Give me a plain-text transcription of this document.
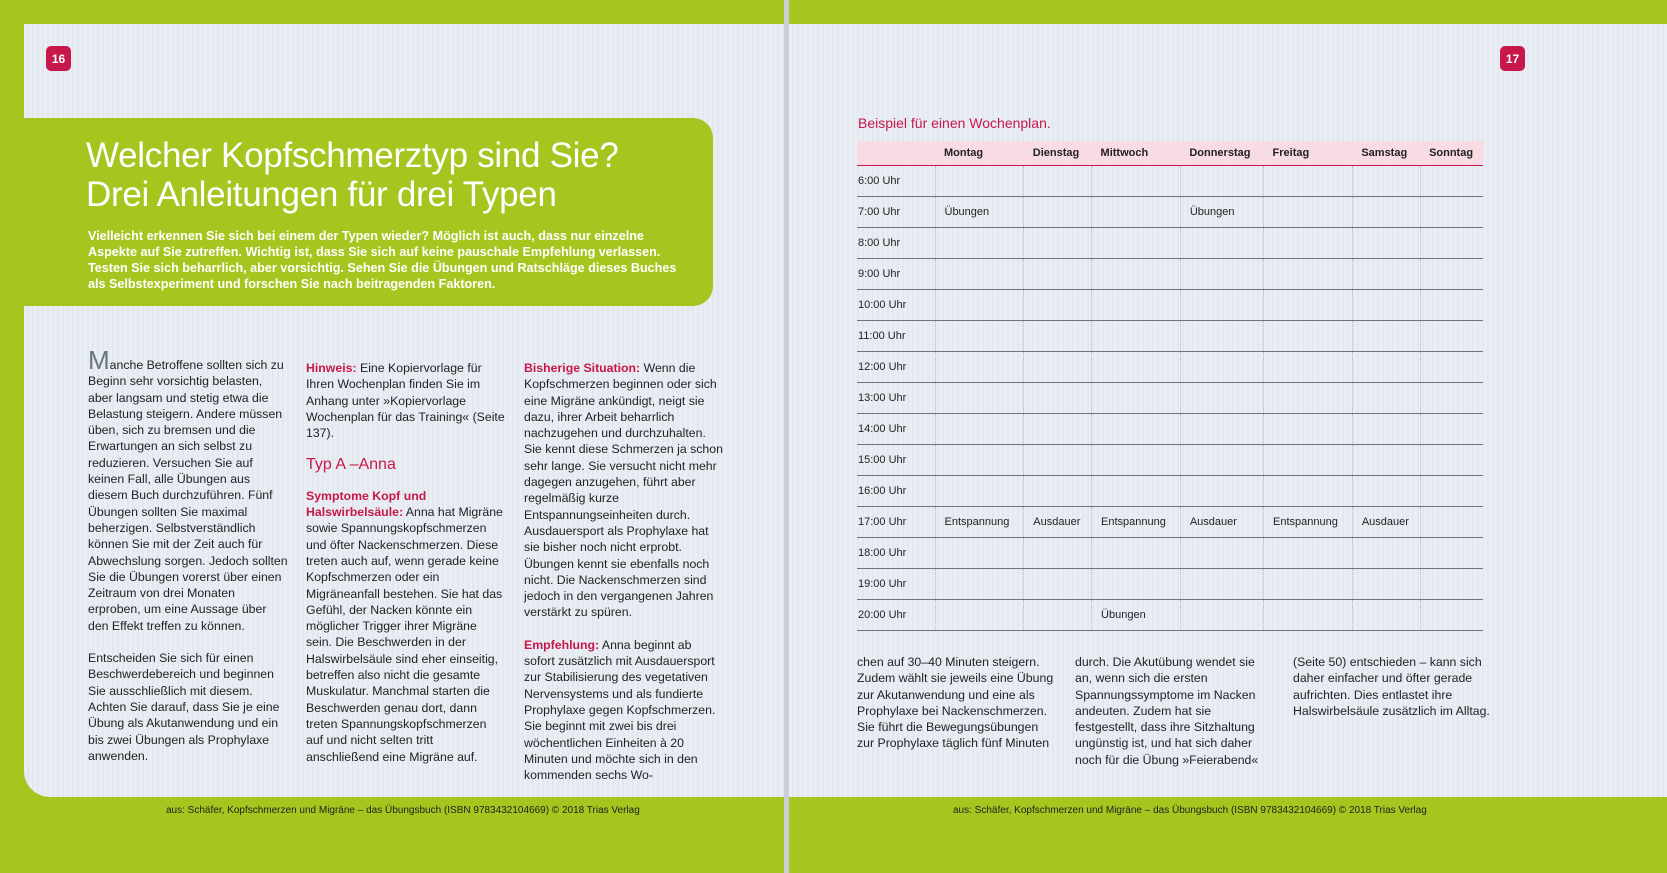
16	17
Welcher Kopfschmerztyp sind Sie?
Drei Anleitungen für drei Typen

Vielleicht erkennen Sie sich bei einem der Typen wieder? Möglich ist auch, dass nur einzelne Aspekte auf Sie zutreffen. Wichtig ist, dass Sie sich auf keine pauschale Empfehlung verlassen. Testen Sie sich beharrlich, aber vorsichtig. Sehen Sie die Übungen und Ratschläge dieses Buches als Selbstexperiment und forschen Sie nach beitragenden Faktoren.

Manche Betroffene sollten sich zu Beginn sehr vorsichtig belasten, aber langsam und stetig etwa die Belastung steigern. Andere müssen üben, sich zu bremsen und die Erwartungen an sich selbst zu reduzieren. Versuchen Sie auf keinen Fall, alle Übungen aus diesem Buch durchzuführen. Fünf Übungen sollten Sie maximal beherzigen. Selbstverständlich können Sie mit der Zeit auch für Abwechslung sorgen. Jedoch sollten Sie die Übungen vorerst über einen Zeitraum von drei Monaten erproben, um eine Aussage über den Effekt treffen zu können.

Entscheiden Sie sich für einen Beschwerdebereich und beginnen Sie ausschließlich mit diesem. Achten Sie darauf, dass Sie je eine Übung als Akutanwendung und ein bis zwei Übungen als Prophylaxe anwenden.

Hinweis: Eine Kopiervorlage für Ihren Wochenplan finden Sie im Anhang unter »Kopiervorlage Wochenplan für das Training« (Seite 137).

Typ A –Anna

Symptome Kopf und Halswirbelsäule: Anna hat Migräne sowie Spannungskopfschmerzen und öfter Nackenschmerzen. Diese treten auch auf, wenn gerade keine Kopfschmerzen oder ein Migräneanfall bestehen. Sie hat das Gefühl, der Nacken könnte ein möglicher Trigger ihrer Migräne sein. Die Beschwerden in der Halswirbelsäule sind eher einseitig, betreffen also nicht die gesamte Muskulatur. Manchmal starten die Beschwerden genau dort, dann treten Spannungskopfschmerzen auf und nicht selten tritt anschließend eine Migräne auf.

Bisherige Situation: Wenn die Kopfschmerzen beginnen oder sich eine Migräne ankündigt, neigt sie dazu, ihrer Arbeit beharrlich nachzugehen und durchzuhalten. Sie kennt diese Schmerzen ja schon sehr lange. Sie versucht nicht mehr dagegen anzugehen, führt aber regelmäßig kurze Entspannungseinheiten durch. Ausdauersport als Prophylaxe hat sie bisher noch nicht erprobt. Übungen kennt sie ebenfalls noch nicht. Die Nackenschmerzen sind jedoch in den vergangenen Jahren verstärkt zu spüren.

Empfehlung: Anna beginnt ab sofort zusätzlich mit Ausdauersport zur Stabilisierung des vegetativen Nervensystems und als fundierte Prophylaxe gegen Kopfschmerzen. Sie beginnt mit zwei bis drei wöchentlichen Einheiten à 20 Minuten und möchte sich in den kommenden sechs Wo-

Beispiel für einen Wochenplan.
	Montag	Dienstag	Mittwoch	Donnerstag	Freitag	Samstag	Sonntag
6:00 Uhr							
7:00 Uhr	Übungen			Übungen			
8:00 Uhr							
9:00 Uhr							
10:00 Uhr							
11:00 Uhr							
12:00 Uhr							
13:00 Uhr							
14:00 Uhr							
15:00 Uhr							
16:00 Uhr							
17:00 Uhr	Entspannung	Ausdauer	Entspannung	Ausdauer	Entspannung	Ausdauer	
18:00 Uhr							
19:00 Uhr							
20:00 Uhr			Übungen				
chen auf 30–40 Minuten steigern. Zudem wählt sie jeweils eine Übung zur Akutanwendung und eine als Prophylaxe bei Nackenschmerzen. Sie führt die Bewegungsübungen zur Prophylaxe täglich fünf Minuten
durch. Die Akutübung wendet sie an, wenn sich die ersten Spannungssymptome im Nacken andeuten. Zudem hat sie festgestellt, dass ihre Sitzhaltung ungünstig ist, und hat sich daher noch für die Übung »Feierabend«
(Seite 50) entschieden – kann sich daher einfacher und öfter gerade aufrichten. Dies entlastet ihre Halswirbelsäule zusätzlich im Alltag.
aus: Schäfer, Kopfschmerzen und Migräne – das Übungsbuch (ISBN 9783432104669) © 2018 Trias Verlag	aus: Schäfer, Kopfschmerzen und Migräne – das Übungsbuch (ISBN 9783432104669) © 2018 Trias Verlag
